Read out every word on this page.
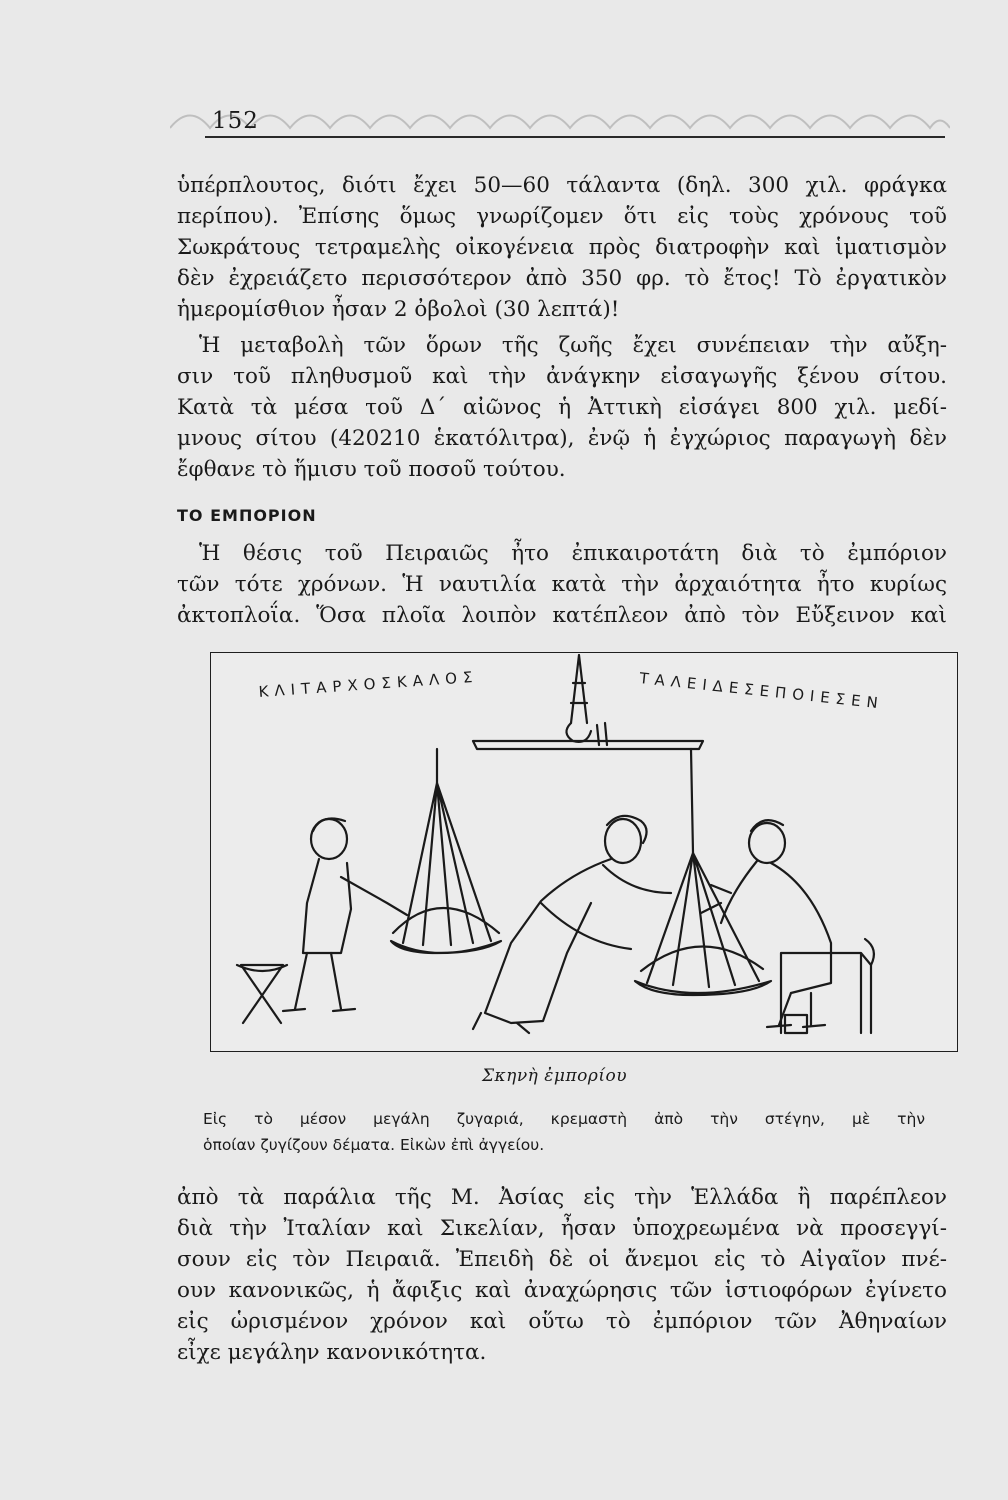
152
ὑπέρπλουτος, διότι ἔχει 50—60 τάλαντα (δηλ. 300 χιλ. φράγκα
περίπου). Ἐπίσης ὅμως γνωρίζομεν ὅτι εἰς τοὺς χρόνους τοῦ
Σωκράτους τετραμελὴς οἰκογένεια πρὸς διατροφὴν καὶ ἱματισμὸν
δὲν ἐχρειάζετο περισσότερον ἀπὸ 350 φρ. τὸ ἔτος! Τὸ ἐργατικὸν
ἡμερομίσθιον ἦσαν 2 ὀβολοὶ (30 λεπτά)!
Ἡ μεταβολὴ τῶν ὅρων τῆς ζωῆς ἔχει συνέπειαν τὴν αὔξη-
σιν τοῦ πληθυσμοῦ καὶ τὴν ἀνάγκην εἰσαγωγῆς ξένου σίτου.
Κατὰ τὰ μέσα τοῦ Δ΄ αἰῶνος ἡ Ἀττικὴ εἰσάγει 800 χιλ. μεδί-
μνους σίτου (420210 ἑκατόλιτρα), ἐνῷ ἡ ἐγχώριος παραγωγὴ δὲν
ἔφθανε τὸ ἥμισυ τοῦ ποσοῦ τούτου.
ΤΟ ΕΜΠΟΡΙΟΝ
Ἡ θέσις τοῦ Πειραιῶς ἦτο ἐπικαιροτάτη διὰ τὸ ἐμπόριον
τῶν τότε χρόνων. Ἡ ναυτιλία κατὰ τὴν ἀρχαιότητα ἦτο κυρίως
ἀκτοπλοΐα. Ὅσα πλοῖα λοιπὸν κατέπλεον ἀπὸ τὸν Εὔξεινον καὶ
ΚΛΙΤΑΡΧΟΣΚΑΛΟΣ	ΤΑΛΕΙΔΕΣΕΠΟΙΕΣΕΝ
Σκηνὴ ἐμπορίου
Εἰς τὸ μέσον μεγάλη ζυγαριά, κρεμαστὴ ἀπὸ τὴν στέγην, μὲ τὴν
ὁποίαν ζυγίζουν δέματα. Εἰκὼν ἐπὶ ἀγγείου.
ἀπὸ τὰ παράλια τῆς Μ. Ἀσίας εἰς τὴν Ἑλλάδα ἢ παρέπλεον
διὰ τὴν Ἰταλίαν καὶ Σικελίαν, ἦσαν ὑποχρεωμένα νὰ προσεγγί-
σουν εἰς τὸν Πειραιᾶ. Ἐπειδὴ δὲ οἱ ἄνεμοι εἰς τὸ Αἰγαῖον πνέ-
ουν κανονικῶς, ἡ ἄφιξις καὶ ἀναχώρησις τῶν ἱστιοφόρων ἐγίνετο
εἰς ὡρισμένον χρόνον καὶ οὕτω τὸ ἐμπόριον τῶν Ἀθηναίων
εἶχε μεγάλην κανονικότητα.
